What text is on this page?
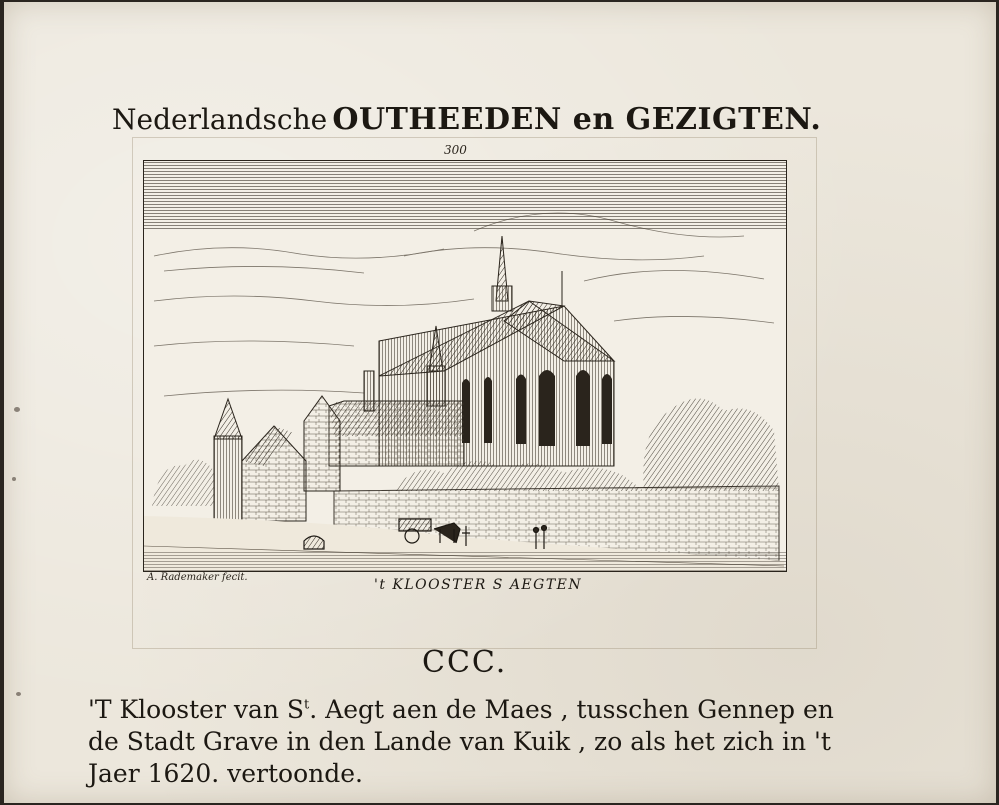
Nederlandsche OUTHEEDEN en GEZIGTEN.
300
A. Rademaker fecit.	't KLOOSTER S AEGTEN
CCC.
'T Klooster van $S^t$. Aegt aen de Maes , tusschen Gennep en
de Stadt Grave in den Lande van Kuik , zo als het zich in 't
Jaer 1620. vertoonde.
